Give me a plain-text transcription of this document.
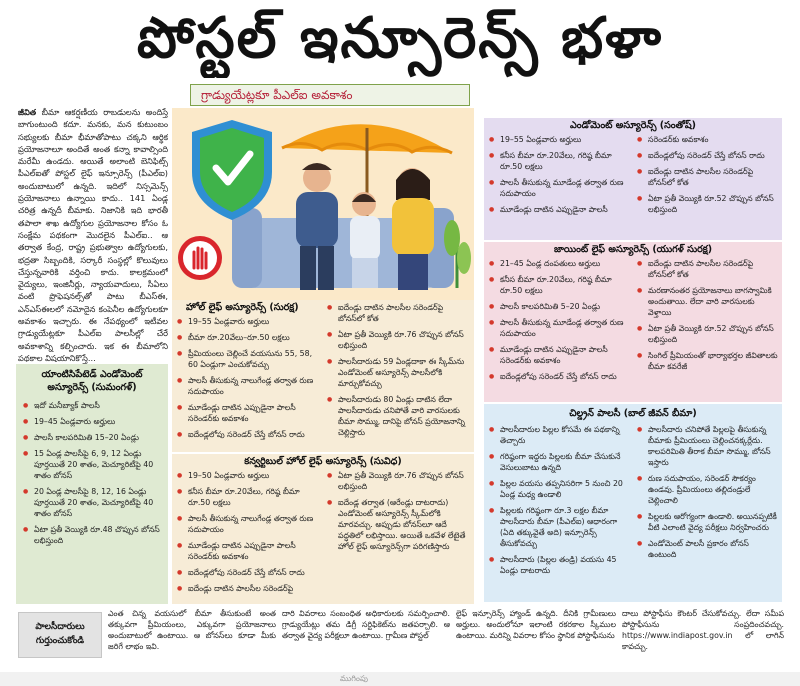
పోస్టల్ ఇన్సూరెన్స్ భళా
గ్రాడ్యుయేట్లకూ పీఎల్ఐ అవకాశం
జీవిత బీమా ఆకర్షణీయ రాబడులను అందిస్తే బాగుంటుంది కదూ. మనకు, మన కుటుంబం సభ్యులకు బీమా భీమాతోపాటు చక్కని ఆర్థిక ప్రయోజనాలూ అందితే అంత కన్నా కావాల్సింది మరేమీ ఉండదు. అయితే అలాంటి బెనిఫిట్స్ పీఎల్ఐతో పోస్టల్ లైఫ్ ఇన్సూరెన్స్ (పీఎల్ఐ) అందుబాటులో ఉన్నది. ఇదిలో నిస్సమెన్స్ ప్రయోజనాలు ఉన్నాయి కాదు.. 141 ఏండ్ల చరిత్ర ఉన్నదీ బీమాకు. నిజానికి ఇది భారతీ తపాలా శాఖ ఉద్యోగుల ప్రయోజనాల కోసం ఓ సంక్షేమ పథకంగా మొదలైన పీఎల్ఐ.. ఆ తర్వాత కేంద్ర, రాష్ట్ర ప్రభుత్వాల ఉద్యోగులకు, భద్రతా సిబ్బందికి, సర్కారీ సంస్థల్లో కొలువులు చేస్తున్నవారికి వర్తించి కాదు. కాలక్రమంలో వైద్యులు, ఇంజినీర్లు, న్యాయవాదులు, సీఏలు వంటి ప్రొఫెషనల్స్‌తో పాటు బీఎస్ఈ, ఎన్ఎస్ఈలలో నమోదైన కంపెనీల ఉద్యోగులకూ అవకాశం ఇచ్చారు. ఈ నేపథ్యంలో ఇటీవల గ్రాడ్యుయేట్లకూ పీఎల్ఐ పాలసీల్లో చేరే అవకాశాన్ని కల్పించారు. ఇక ఈ బీమాలోని పథకాల విషయానికొస్తే...
యాంటిసిపేటెడ్ ఎండోమెంట్ అస్యూరెన్స్ (సుమంగళ్)
● ఇదో మనీబ్యాక్ పాలసీ
● 19–45 ఏండ్లవారు అర్హులు
● పాలసీ కాలపరిమితి 15–20 ఏండ్లు
● 15 ఏండ్ల పాలసీపై 6, 9, 12 ఏండ్లు పూర్తయితే 20 శాతం, మెచ్యూరిటీపై 40 శాతం బోనస్
● 20 ఏండ్ల పాలసీపై 8, 12, 16 ఏండ్లు పూర్తయితే 20 శాతం, మెచ్యూరిటీపై 40 శాతం బోనస్
● ఏటా ప్రతీ వెయ్యికి రూ.48 చొప్పున బోనస్ లభిస్తుంది
హోల్ లైఫ్ అస్యూరెన్స్ (సురక్ష)
● 19–55 ఏండ్లవారు అర్హులు
● బీమా రూ.20వేలు–రూ.50 లక్షలు
● ప్రీమియంలు చెల్లించే వయసును 55, 58, 60 ఏండ్లుగా ఎంచుకోవచ్చు
● పాలసీ తీసుకున్న నాలుగేండ్ల తర్వాత రుణ సదుపాయం
● మూడేండ్లు దాటిన ఎప్పుడైనా పాలసీ సరెండర్‌కు అవకాశం
● ఐదేండ్లలోపు సరెండర్ చేస్తే బోనస్ రాదు
● ఐదేండ్లు దాటిన పాలసీల సరెండర్‌పై బోనస్‌లో కోత
● ఏటా ప్రతీ వెయ్యికి రూ.76 చొప్పున బోనస్ లభిస్తుంది
● పాలసీదారుడు 59 ఏండ్లదాకా ఈ స్కీమ్‌ను ఎండోమెంట్ అస్యూరెన్స్ పాలసీలోకి మార్చుకోవచ్చు
● పాలసీదారుడు 80 ఏండ్లు దాటిన లేదా పాలసీదారుడు చనిపోతే వారి వారసులకు బీమా సొమ్ము, దానిపై బోనస్ ప్రయోజనాన్ని చెల్లిస్తారు
కన్వర్టిబుల్ హోల్ లైఫ్ అస్యూరెన్స్ (సువిధ)
● 19–50 ఏండ్లవారు అర్హులు
● కనీస బీమా రూ.20వేలు, గరిష్ఠ బీమా రూ.50 లక్షలు
● పాలసీ తీసుకున్న నాలుగేండ్ల తర్వాత రుణ సదుపాయం
● మూడేండ్లు దాటిన ఎప్పుడైనా పాలసీ సరెండర్‌కు అవకాశం
● ఐదేండ్లలోపు సరెండర్ చేస్తే బోనస్ రాదు
● ఐదేండ్లు దాటిన పాలసీల సరెండర్‌పై
● ఏటా ప్రతీ వెయ్యికి రూ.76 చొప్పున బోనస్ లభిస్తుంది
● ఐదేండ్ల తర్వాత (ఆరేండ్లు దాటరాదు) ఎండోమెంట్ అస్యూరెన్స్ స్కీమ్‌లోకి మారవచ్చు. అప్పుడు బోనస్‌లూ ఆదే పద్ధతిలో లభిస్తాయి. అయితే ఒకవేళ లేటైతే హోల్ లైఫ్ అస్యూరెన్స్‌గా పరిగణిస్తారు
ఎండోమెంట్ అస్యూరెన్స్ (సంతోష్)
● 19–55 ఏండ్లవారు అర్హులు
● కనీస బీమా రూ.20వేలు, గరిష్ఠ బీమా రూ.50 లక్షలు
● పాలసీ తీసుకున్న మూడేండ్ల తర్వాత రుణ సదుపాయం
● మూడేండ్లు దాటిన ఎప్పుడైనా పాలసీ
● సరెండర్‌కు అవకాశం
● ఐదేండ్లలోపు సరెండర్ చేస్తే బోనస్ రాదు
● ఐదేండ్లు దాటిన పాలసీల సరెండర్‌పై బోనస్‌లో కోత
● ఏటా ప్రతీ వెయ్యికి రూ.52 చొప్పున బోనస్ లభిస్తుంది
జాయింట్ లైఫ్ అస్యూరెన్స్ (యుగళ్ సురక్ష)
● 21–45 ఏండ్ల దంపతులు అర్హులు
● కనీస బీమా రూ.20వేలు, గరిష్ఠ బీమా రూ.50 లక్షలు
● పాలసీ కాలపరిమితి 5–20 ఏండ్లు
● పాలసీ తీసుకున్న మూడేండ్ల తర్వాత రుణ సదుపాయం
● మూడేండ్లు దాటిన ఎప్పుడైనా పాలసీ సరెండర్‌కు అవకాశం
● ఐదేండ్లలోపు సరెండర్ చేస్తే బోనస్ రాదు
● ఐదేండ్లు దాటిన పాలసీల సరెండర్‌పై బోనస్‌లో కోత
● మరణానంతర ప్రయోజనాలు బాగస్వామికి అందుతాయి. లేదా వారి వారసులకు వెళ్తాయి
● ఏటా ప్రతీ వెయ్యికి రూ.52 చొప్పున బోనస్ లభిస్తుంది
● సింగిల్ ప్రీమియంతో భార్యాభర్తల జీవితాలకు బీమా కవరేజీ
చిల్డ్రన్ పాలసీ (బాల్ జీవన్ బీమా)
● పాలసీదారుల పిల్లల కోసమే ఈ పథకాన్ని తెచ్చారు
● గరిష్ఠంగా ఇద్దరు పిల్లలకు బీమా చేసుకునే వెసులుబాటు ఉన్నది
● పిల్లల వయసు తప్పనిసరిగా 5 నుంచి 20 ఏండ్ల మధ్య ఉండాలి
● పిల్లలకు గరిష్ఠంగా రూ.3 లక్షల బీమా పాలసీదారు బీమా (పీఎల్ఐ) ఆధారంగా (ఏది తక్కువైతే అది) ఇన్సూరెన్స్ తీసుకోవచ్చు
● పాలసీదారు (పిల్లల తండ్రి) వయసు 45 ఏండ్లు దాటరాదు
● పాలసీదారు చనిపోతే పిల్లలపై తీసుకున్న బీమాకు ప్రీమియంలు చెల్లించనక్కర్లేదు. కాలపరిమితి తీరాక బీమా సొమ్ము, బోనస్ ఇస్తారు
● రుణ సదుపాయం, సరెండర్ సౌకర్యం ఉండవు. ప్రీమియంలు తల్లిదండ్రులే చెల్లించాలి
● పిల్లలకు ఆరోగ్యంగా ఉండాలి. అయినప్పటికీ వీటి ఎలాంటి వైద్య పరీక్షలు నిర్వహించరు
● ఎండోమెంట్ పాలసీ ప్రకారం బోనస్ ఉంటుంది
పాలసీదారులు గుర్తుంచుకోండి
ఎంత చిన్న వయసులో బీమా తీసుకుంటే అంత తక్కువగా ప్రీమియంలు, ఎక్కువగా ప్రయోజనాలు అందుబాటులో ఉంటాయి. ఆ బోనస్‌లు కూడా మీకు జరిగే లాభం ఇవి.
దారి వివరాలు సంబంధిత అధికారులకు సమర్పించాలి. గ్రాడ్యుయేట్లు తమ డిగ్రీ సర్టిఫికెట్‌ను జతపర్చాలి. ఆ తర్వాత వైద్య పరీక్షలూ ఉంటాయి. గ్రామీణ పోస్టల్
లైఫ్ ఇన్సూరెన్స్ హ్యాండ్ ఉన్నది. దీనికి గ్రామీణులు అర్హులు. అందులోనూ ఇలాంటి రకరకాల స్కీముల ఉంటాయి. మరిన్ని వివరాల కోసం స్థానిక పోస్టాఫీసును
దాలు పోస్టాఫీసు కౌంటర్ చేసుకోవచ్చు. లేదా సమీప పోస్టాఫీసును సంప్రదించవచ్చు. https://www.indiapost.gov.in లో లాగిన్ కావచ్చు.
ముగింపు
